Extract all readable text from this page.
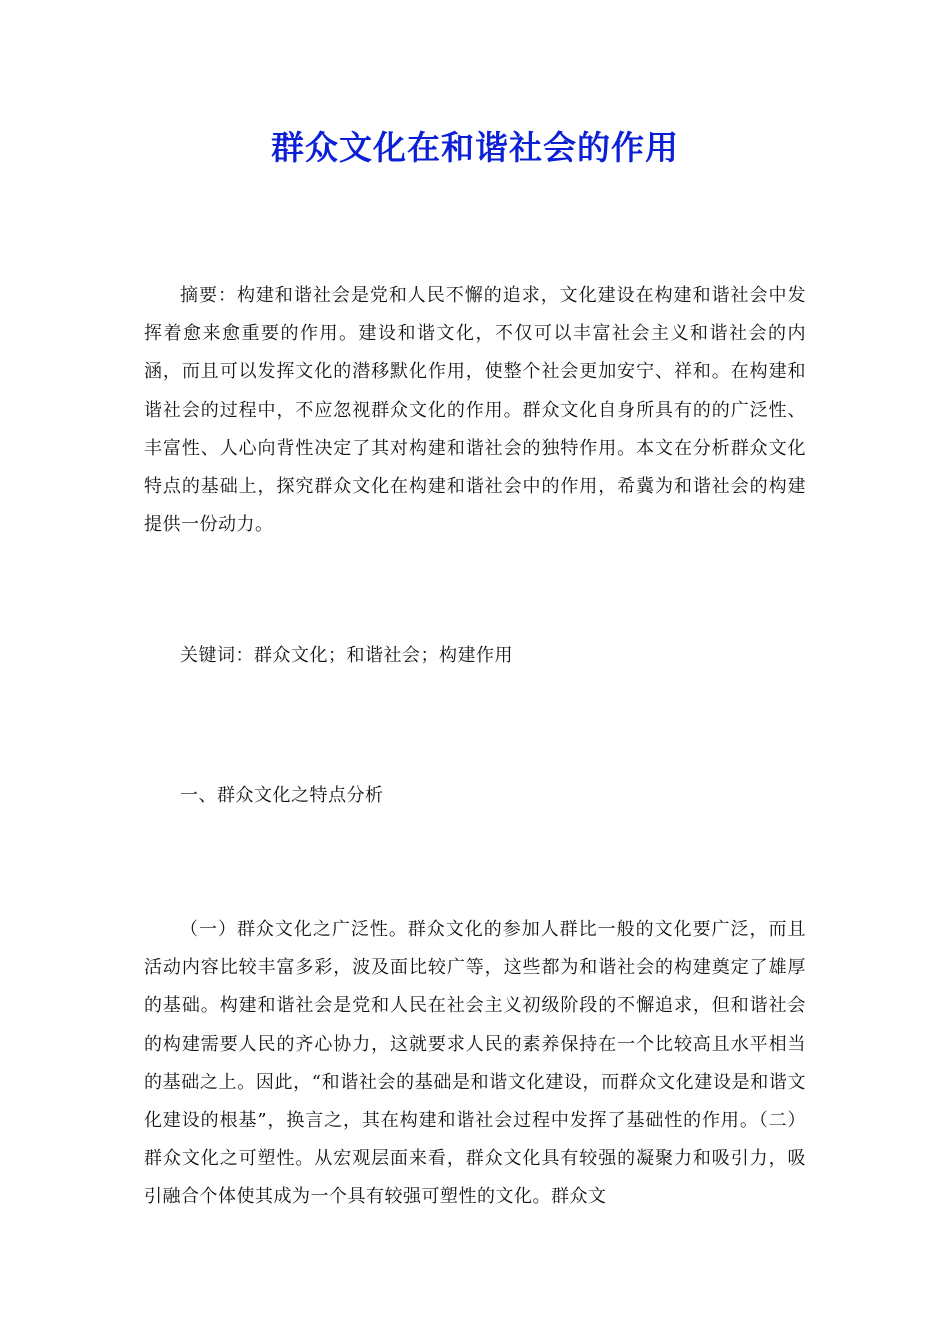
群众文化在和谐社会的作用

摘要：构建和谐社会是党和人民不懈的追求，文化建设在构建和谐社会中发挥着愈来愈重要的作用。建设和谐文化，不仅可以丰富社会主义和谐社会的内涵，而且可以发挥文化的潜移默化作用，使整个社会更加安宁、祥和。在构建和谐社会的过程中，不应忽视群众文化的作用。群众文化自身所具有的的广泛性、丰富性、人心向背性决定了其对构建和谐社会的独特作用。本文在分析群众文化特点的基础上，探究群众文化在构建和谐社会中的作用，希冀为和谐社会的构建提供一份动力。

关键词：群众文化；和谐社会；构建作用

一、群众文化之特点分析

（一）群众文化之广泛性。群众文化的参加人群比一般的文化要广泛，而且活动内容比较丰富多彩，波及面比较广等，这些都为和谐社会的构建奠定了雄厚的基础。构建和谐社会是党和人民在社会主义初级阶段的不懈追求，但和谐社会的构建需要人民的齐心协力，这就要求人民的素养保持在一个比较高且水平相当的基础之上。因此，“和谐社会的基础是和谐文化建设，而群众文化建设是和谐文化建设的根基”，换言之，其在构建和谐社会过程中发挥了基础性的作用。（二）群众文化之可塑性。从宏观层面来看，群众文化具有较强的凝聚力和吸引力，吸引融合个体使其成为一个具有较强可塑性的文化。群众文
